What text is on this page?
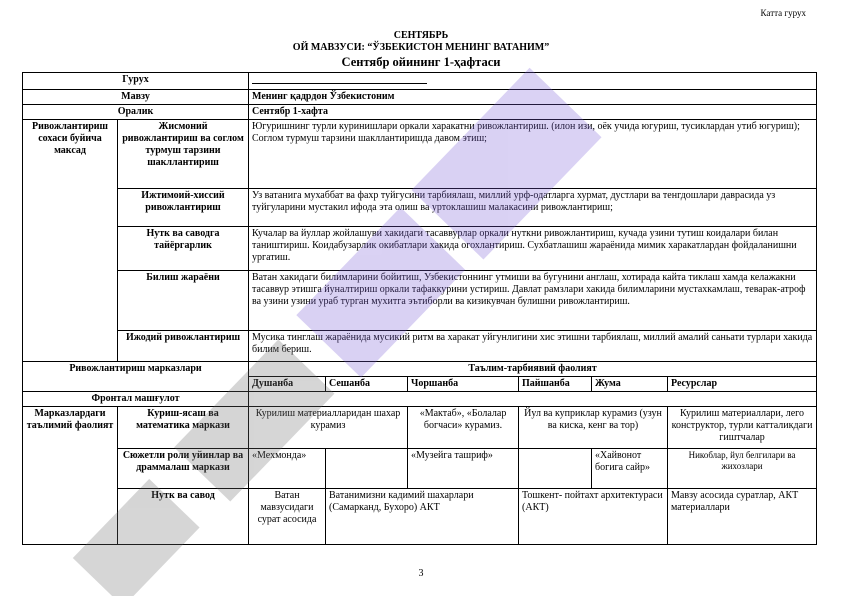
Катта гурух
СЕНТЯБРЬ
ОЙ МАВЗУСИ: “ЎЗБЕКИСТОН МЕНИНГ ВАТАНИМ”
Сентябр ойининг 1-ҳафтаси
Гурух							
Мавзу		Менинг қадрдон Ўзбекистоним					
Оралик		Сентябр 1-хафта					
Ривожлантириш сохаси буйича максад	Жисмоний ривожлантириш ва соглом турмуш тарзини шакллантириш	Югуришнинг турли куринишлари оркали харакатни ривожлантириш. (илон изи, оёк учида югуриш, тусиклардан утиб югуриш); Соглом турмуш тарзини шакллантиришда давом этиш;					
	Ижтимоий-хиссий ривожлантириш	Уз ватанига мухаббат ва фахр туйгусини тарбиялаш, миллий урф-одатларга хурмат, дустлари ва тенгдошлари давраcида уз туйгуларини мустакил ифода эта олиш ва уртоклашиш малакасини ривожлантириш;					
	Нутк ва саводга тайёргарлик	Кучалар ва йуллар жойлашуви хакидаги тасаввурлар оркали нуткни ривожлантириш, кучада узини тутиш коидалари билан таништириш. Коидабузарлик окибатлари хакида огохлантириш. Сухбатлашиш жараёнида мимик харакатлардан фойдаланишни ургатиш.					
	Билиш жараёни	Ватан хакидаги билимларини бойитиш, Узбекистоннинг утмиши ва бугунини англаш, хотирада кайта тиклаш хамда келажакни тасаввур этишга йуналтириш оркали тафаккурини устириш. Давлат рамзлари хакида билимларини мустахкамлаш, теварак-атроф ва узини узини ураб турган мухитга эътиборли ва кизикувчан булишни ривожлантириш.					
	Ижодий ривожлантириш	Мусика тинглаш жараёнида мусикий ритм ва харакат уйгунлигини хис этишни тарбиялаш, миллий амалий саньати турлари хакида билим бериш.					
Ривожлантириш марказлари		Таълим-тарбиявий фаолият					
		Душанба	Сешанба	Чоршанба	Пайшанба	Жума	Ресурслар
Фронтал машғулот							
Марказлардаги таълимий фаолият	Куриш-ясаш ва математика маркази	Курилиш материалларидан шахар курамиз		«Мактаб», «Болалар богчаси» курамиз.	Йул ва куприклар курамиз (узун ва киска, кенг ва тор)		Курилиш материаллари, лего конструктор, турли катталикдаги гиштчалар
	Сюжетли роли уйинлар ва драммалаш маркази	«Мехмонда»		«Музейга ташриф»		«Хайвонот богига сайр»	Никоблар, йул белгилари ва жихозлари
	Нутк ва савод	Ватан мавзусидаги сурат асосида	Ватанимизни кадимий шахарлари (Самарканд, Бухоро) АКТ		Тошкент- пойтахт архитектураси (АКТ)		Мавзу асосида суратлар, АКТ материаллари
3
